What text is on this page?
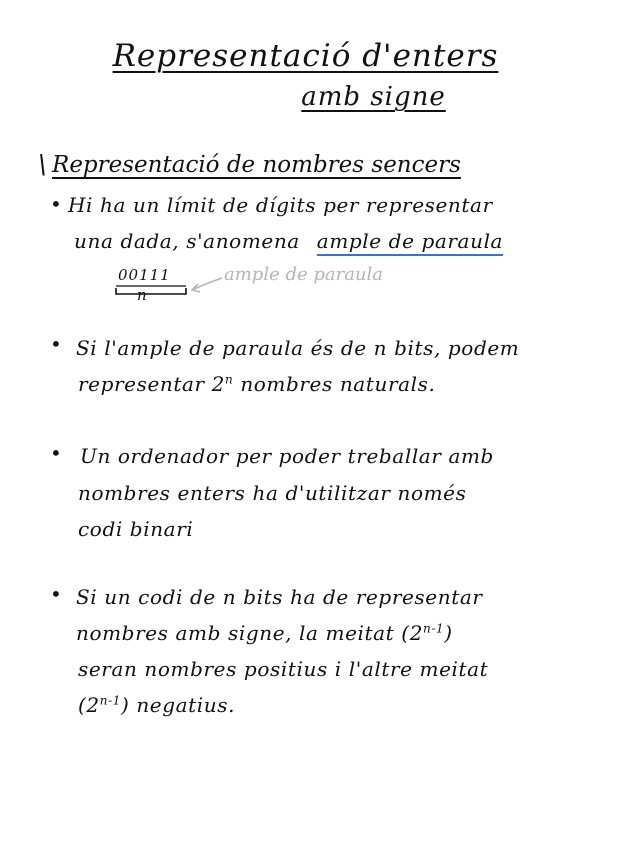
Representació d'enters
amb signe
\ Representació de nombres sencers
• Hi ha un límit de dígits per representar
una dada, s'anomena ample de paraula
00111
n
ample de paraula
• Si l'ample de paraula és de n bits, podem
representar 2$^n$ nombres naturals.
• Un ordenador per poder treballar amb
nombres enters ha d'utilitzar només
codi binari
• Si un codi de n bits ha de representar
nombres amb signe, la meitat (2$^{n-1}$)
seran nombres positius i l'altre meitat
(2$^{n-1}$) negatius.
